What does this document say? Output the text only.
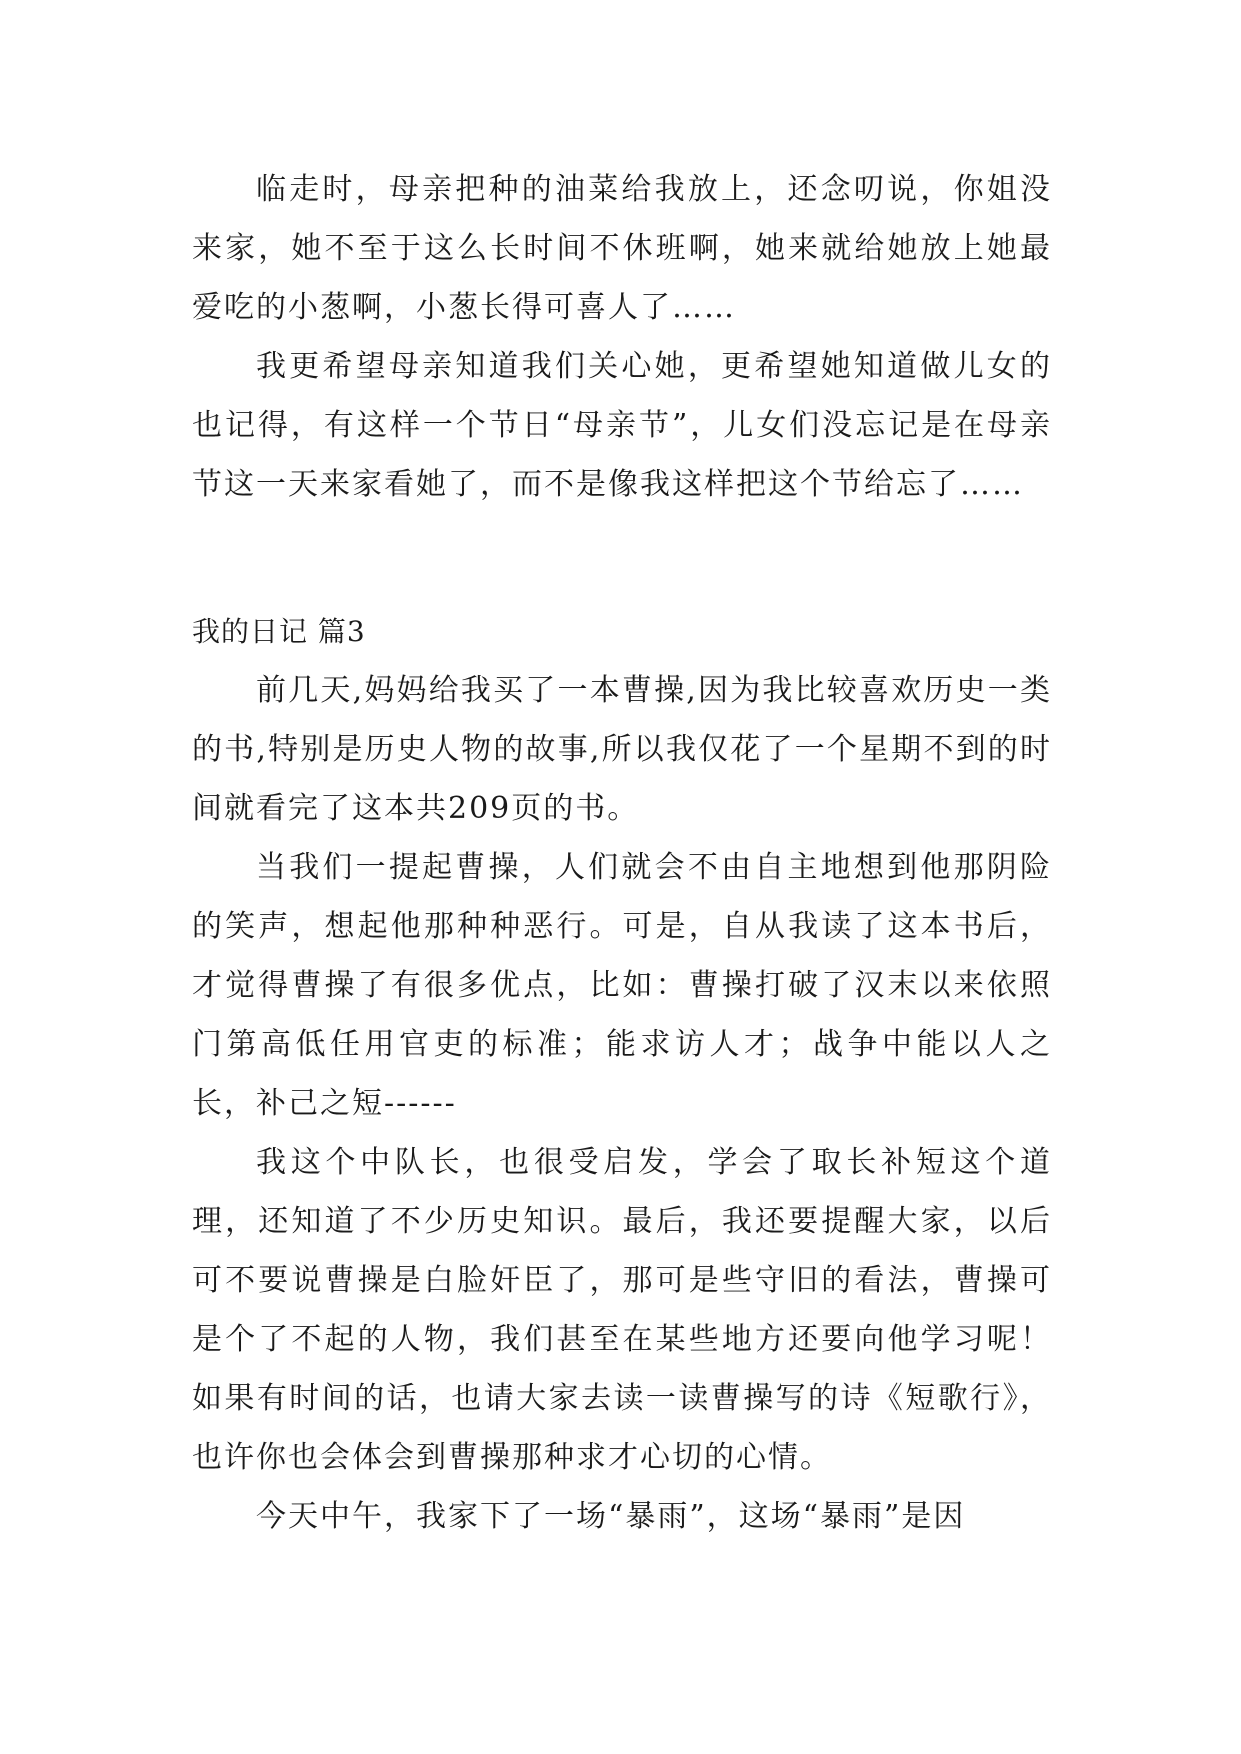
临走时，母亲把种的油菜给我放上，还念叨说，你姐没来家，她不至于这么长时间不休班啊，她来就给她放上她最爱吃的小葱啊，小葱长得可喜人了……

我更希望母亲知道我们关心她，更希望她知道做儿女的也记得，有这样一个节日“母亲节”，儿女们没忘记是在母亲节这一天来家看她了，而不是像我这样把这个节给忘了……

我的日记 篇3

前几天,妈妈给我买了一本曹操,因为我比较喜欢历史一类的书,特别是历史人物的故事,所以我仅花了一个星期不到的时间就看完了这本共209页的书。

当我们一提起曹操，人们就会不由自主地想到他那阴险的笑声，想起他那种种恶行。可是，自从我读了这本书后，才觉得曹操了有很多优点，比如：曹操打破了汉末以来依照门第高低任用官吏的标准；能求访人才；战争中能以人之长，补己之短------

我这个中队长，也很受启发，学会了取长补短这个道理，还知道了不少历史知识。最后，我还要提醒大家，以后可不要说曹操是白脸奸臣了，那可是些守旧的看法，曹操可是个了不起的人物，我们甚至在某些地方还要向他学习呢！如果有时间的话，也请大家去读一读曹操写的诗《短歌行》，也许你也会体会到曹操那种求才心切的心情。

今天中午，我家下了一场“暴雨”，这场“暴雨”是因
